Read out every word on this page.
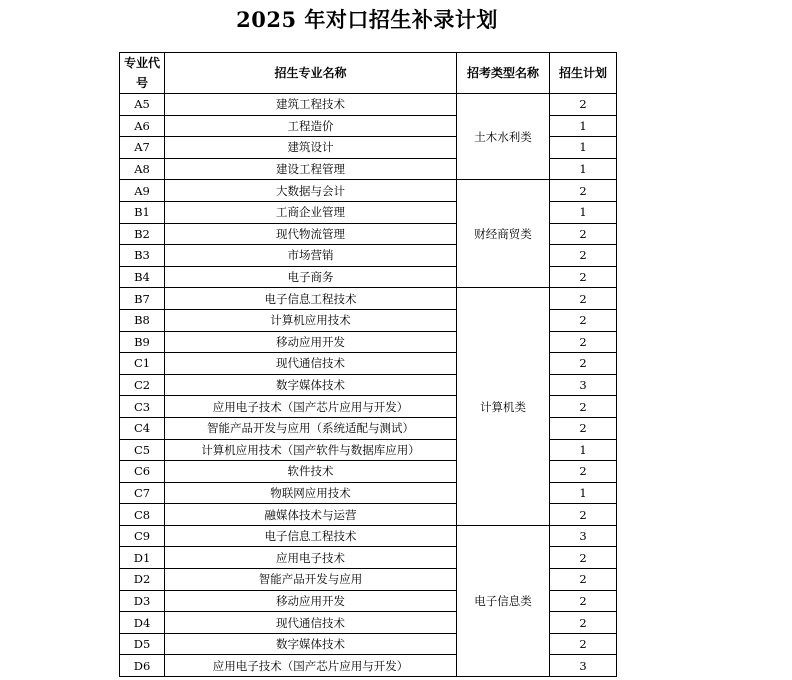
2025 年对口招生补录计划
专业代号	招生专业名称	招考类型名称	招生计划
A5	建筑工程技术	土木水利类	2
A6	工程造价		1
A7	建筑设计		1
A8	建设工程管理		1
A9	大数据与会计	财经商贸类	2
B1	工商企业管理		1
B2	现代物流管理		2
B3	市场营销		2
B4	电子商务		2
B7	电子信息工程技术	计算机类	2
B8	计算机应用技术		2
B9	移动应用开发		2
C1	现代通信技术		2
C2	数字媒体技术		3
C3	应用电子技术（国产芯片应用与开发）		2
C4	智能产品开发与应用（系统适配与测试）		2
C5	计算机应用技术（国产软件与数据库应用）		1
C6	软件技术		2
C7	物联网应用技术		1
C8	融媒体技术与运营		2
C9	电子信息工程技术	电子信息类	3
D1	应用电子技术		2
D2	智能产品开发与应用		2
D3	移动应用开发		2
D4	现代通信技术		2
D5	数字媒体技术		2
D6	应用电子技术（国产芯片应用与开发）		3
